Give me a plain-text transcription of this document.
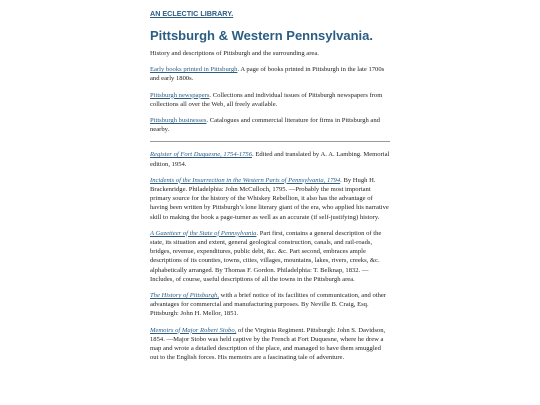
AN ECLECTIC LIBRARY.
Pittsburgh & Western Pennsylvania.

History and descriptions of Pittsburgh and the surrounding area.

Early books printed in Pittsburgh. A page of books printed in Pittsburgh in the late 1700s and early 1800s.

Pittsburgh newspapers. Collections and individual issues of Pittsburgh newspapers from collections all over the Web, all freely available.

Pittsburgh businesses. Catalogues and commercial literature for firms in Pittsburgh and nearby.

Register of Fort Duquesne, 1754-1756. Edited and translated by A. A. Lambing. Memorial edition, 1954.

Incidents of the Insurrection in the Western Parts of Pennsylvania, 1794. By Hugh H. Brackenridge. Philadelphia: John McCulloch, 1795. —Probably the most important primary source for the history of the Whiskey Rebellion, it also has the advantage of having been written by Pittsburgh’s lone literary giant of the era, who applied his narrative skill to making the book a page-turner as well as an accurate (if self-justifying) history.

A Gazetteer of the State of Pennsylvania. Part first, contains a general description of the state, its situation and extent, general geological construction, canals, and rail-roads, bridges, revenue, expenditures, public debt, &c. &c. Part second, embraces ample descriptions of its counties, towns, cities, villages, mountains, lakes, rivers, creeks, &c. alphabetically arranged. By Thomas F. Gordon. Philadelphia: T. Belknap, 1832. —Includes, of course, useful descriptions of all the towns in the Pittsburgh area.

The History of Pittsburgh, with a brief notice of its facilities of communication, and other advantages for commercial and manufacturing purposes. By Neville B. Craig, Esq. Pittsburgh: John H. Mellor, 1851.

Memoirs of Major Robert Stobo, of the Virginia Regiment. Pittsburgh: John S. Davidson, 1854. —Major Stobo was held captive by the French at Fort Duquesne, where he drew a map and wrote a detailed description of the place, and managed to have them smuggled out to the English forces. His memoirs are a fascinating tale of adventure.
